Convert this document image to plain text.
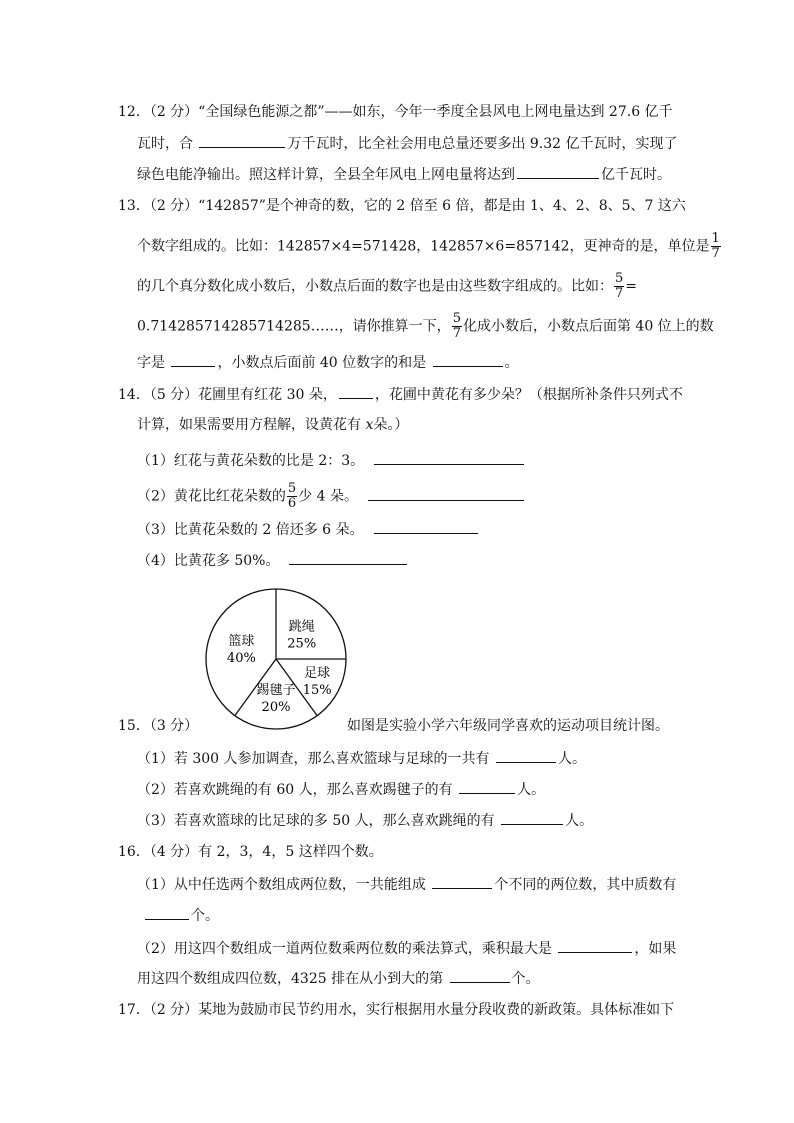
12．（2 分）“全国绿色能源之都”——如东，今年一季度全县风电上网电量达到 27.6 亿千
瓦时，合	万千瓦时，比全社会用电总量还要多出 9.32 亿千瓦时，实现了
绿色电能净输出。照这样计算，全县全年风电上网电量将达到	亿千瓦时。
13．（2 分）“142857”是个神奇的数，它的 2 倍至 6 倍，都是由 1、4、2、8、5、7 这六
个数字组成的。比如：142857×4=571428，142857×6=857142，更神奇的是，单位是 $\frac{1}{7}$
的几个真分数化成小数后，小数点后面的数字也是由这些数字组成的。比如： $\frac{5}{7}$ =
0.714285714285714285……，请你推算一下， $\frac{5}{7}$ 化成小数后，小数点后面第 40 位上的数
字是	，小数点后面前 40 位数字的和是	。
14．（5 分）花圃里有红花 30 朵，	，花圃中黄花有多少朵？（根据所补条件只列式不
计算，如果需要用方程解，设黄花有 x朵。）
（1）红花与黄花朵数的比是 2：3。
（2）黄花比红花朵数的 $\frac{5}{6}$ 少 4 朵。
（3）比黄花朵数的 2 倍还多 6 朵。
（4）比黄花多 50%。
跳绳
25%
足球
15%
踢毽子
20%
篮球
40%
15．（3 分）	如图是实验小学六年级同学喜欢的运动项目统计图。
（1）若 300 人参加调查，那么喜欢篮球与足球的一共有	人。
（2）若喜欢跳绳的有 60 人，那么喜欢踢毽子的有	人。
（3）若喜欢篮球的比足球的多 50 人，那么喜欢跳绳的有	人。
16．（4 分）有 2，3，4，5 这样四个数。
（1）从中任选两个数组成两位数，一共能组成	个不同的两位数，其中质数有
个。
（2）用这四个数组成一道两位数乘两位数的乘法算式，乘积最大是	，如果
用这四个数组成四位数，4325 排在从小到大的第	个。
17．（2 分）某地为鼓励市民节约用水，实行根据用水量分段收费的新政策。具体标准如下
